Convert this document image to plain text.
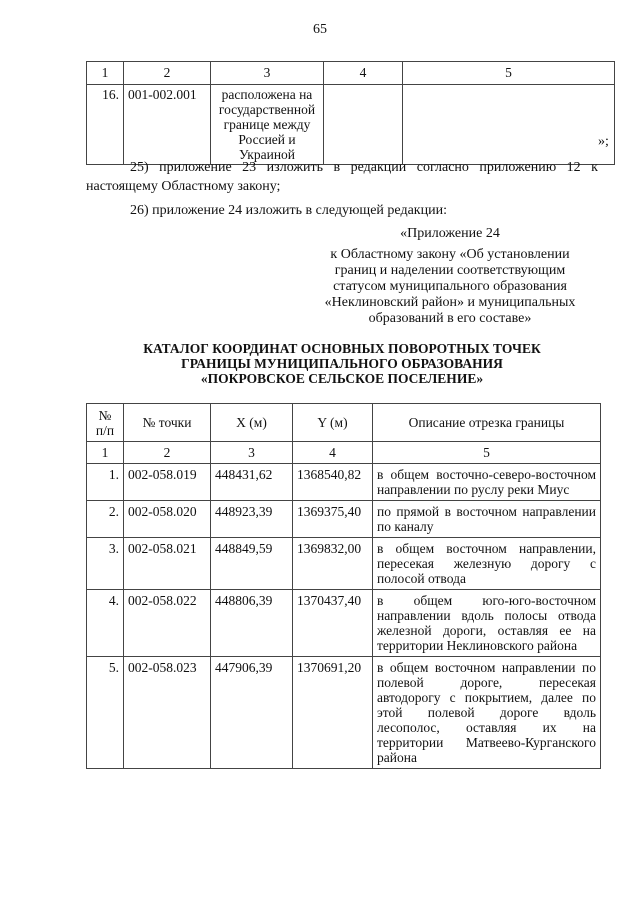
65
1	2	3	4	5
16.	001-002.001	расположена на государственной границе между Россией и Украиной		
»;
25) приложение 23 изложить в редакции согласно приложению 12 к настоящему Областному закону;
26) приложение 24 изложить в следующей редакции:
«Приложение 24
к Областному закону «Об установлении
границ и наделении соответствующим
статусом муниципального образования
«Неклиновский район» и муниципальных
образований в его составе»
КАТАЛОГ КООРДИНАТ ОСНОВНЫХ ПОВОРОТНЫХ ТОЧЕК
ГРАНИЦЫ МУНИЦИПАЛЬНОГО ОБРАЗОВАНИЯ
«ПОКРОВСКОЕ СЕЛЬСКОЕ ПОСЕЛЕНИЕ»
№
п/п	№ точки	X (м)	Y (м)	Описание отрезка границы
1	2	3	4	5
1.	002-058.019	448431,62	1368540,82	в общем восточно-северо-восточном направлении по руслу реки Миус
2.	002-058.020	448923,39	1369375,40	по прямой в восточном направлении по каналу
3.	002-058.021	448849,59	1369832,00	в общем восточном направлении, пересекая железную дорогу с полосой отвода
4.	002-058.022	448806,39	1370437,40	в общем юго-юго-восточном направлении вдоль полосы отвода железной дороги, оставляя ее на территории Неклиновского района
5.	002-058.023	447906,39	1370691,20	в общем восточном направлении по полевой дороге, пересекая автодорогу с покрытием, далее по этой полевой дороге вдоль лесополос, оставляя их на территории Матвеево-Курганского района
